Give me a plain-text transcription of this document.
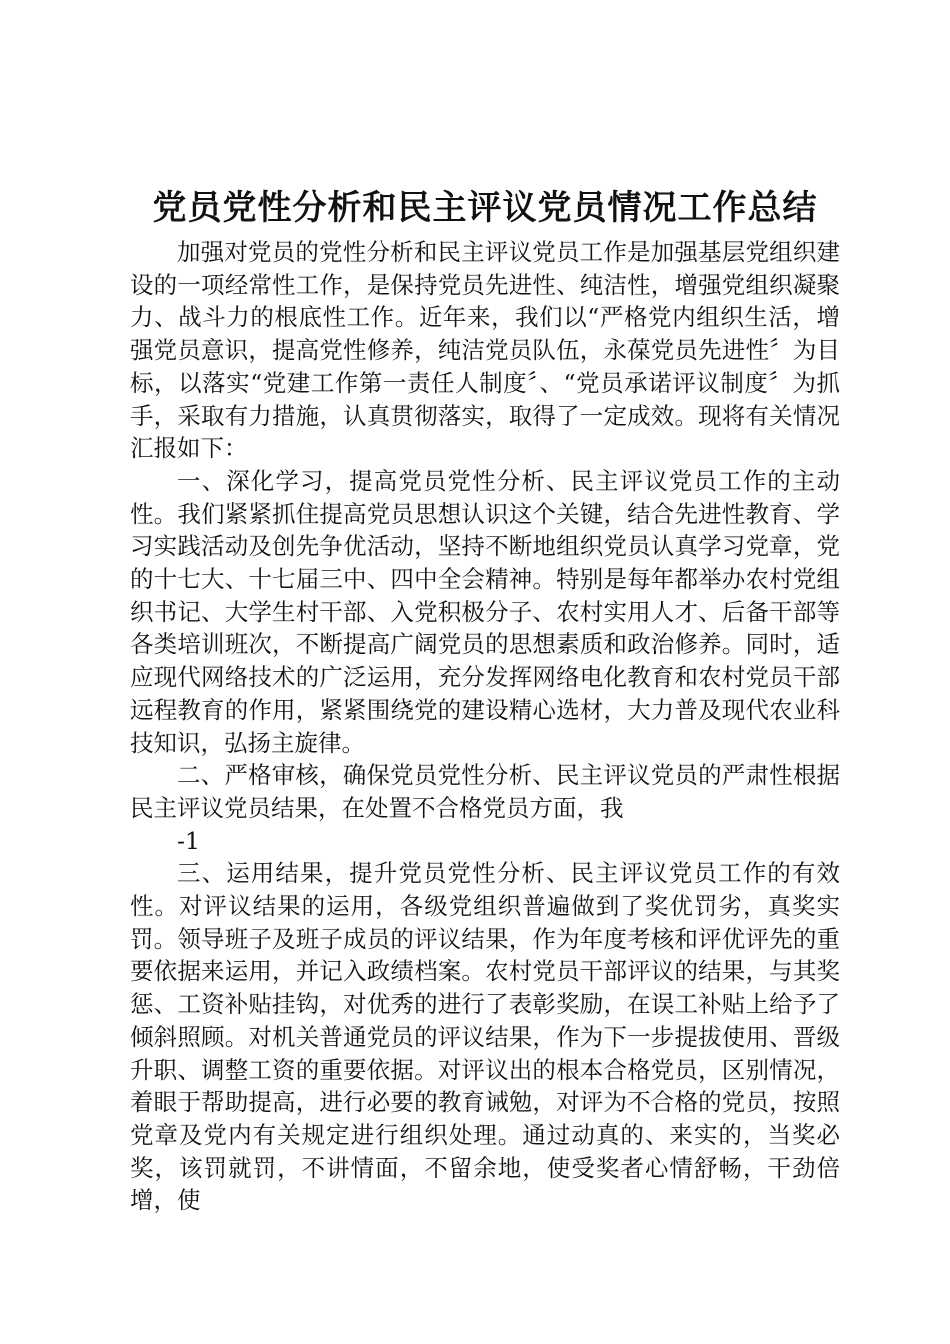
党员党性分析和民主评议党员情况工作总结

加强对党员的党性分析和民主评议党员工作是加强基层党组织建设的一项经常性工作，是保持党员先进性、纯洁性，增强党组织凝聚力、战斗力的根底性工作。近年来，我们以“严格党内组织生活，增强党员意识，提高党性修养，纯洁党员队伍，永葆党员先进性〞为目标，以落实“党建工作第一责任人制度〞、“党员承诺评议制度〞为抓手，采取有力措施，认真贯彻落实，取得了一定成效。现将有关情况汇报如下：

一、深化学习，提高党员党性分析、民主评议党员工作的主动性。我们紧紧抓住提高党员思想认识这个关键，结合先进性教育、学习实践活动及创先争优活动，坚持不断地组织党员认真学习党章，党的十七大、十七届三中、四中全会精神。特别是每年都举办农村党组织书记、大学生村干部、入党积极分子、农村实用人才、后备干部等各类培训班次，不断提高广阔党员的思想素质和政治修养。同时，适应现代网络技术的广泛运用，充分发挥网络电化教育和农村党员干部远程教育的作用，紧紧围绕党的建设精心选材，大力普及现代农业科技知识，弘扬主旋律。

二、严格审核，确保党员党性分析、民主评议党员的严肃性根据民主评议党员结果，在处置不合格党员方面，我

-1

三、运用结果，提升党员党性分析、民主评议党员工作的有效性。对评议结果的运用，各级党组织普遍做到了奖优罚劣，真奖实罚。领导班子及班子成员的评议结果，作为年度考核和评优评先的重要依据来运用，并记入政绩档案。农村党员干部评议的结果，与其奖惩、工资补贴挂钩，对优秀的进行了表彰奖励，在误工补贴上给予了倾斜照顾。对机关普通党员的评议结果，作为下一步提拔使用、晋级升职、调整工资的重要依据。对评议出的根本合格党员，区别情况，着眼于帮助提高，进行必要的教育诫勉，对评为不合格的党员，按照党章及党内有关规定进行组织处理。通过动真的、来实的，当奖必奖，该罚就罚，不讲情面，不留余地，使受奖者心情舒畅，干劲倍增，使
